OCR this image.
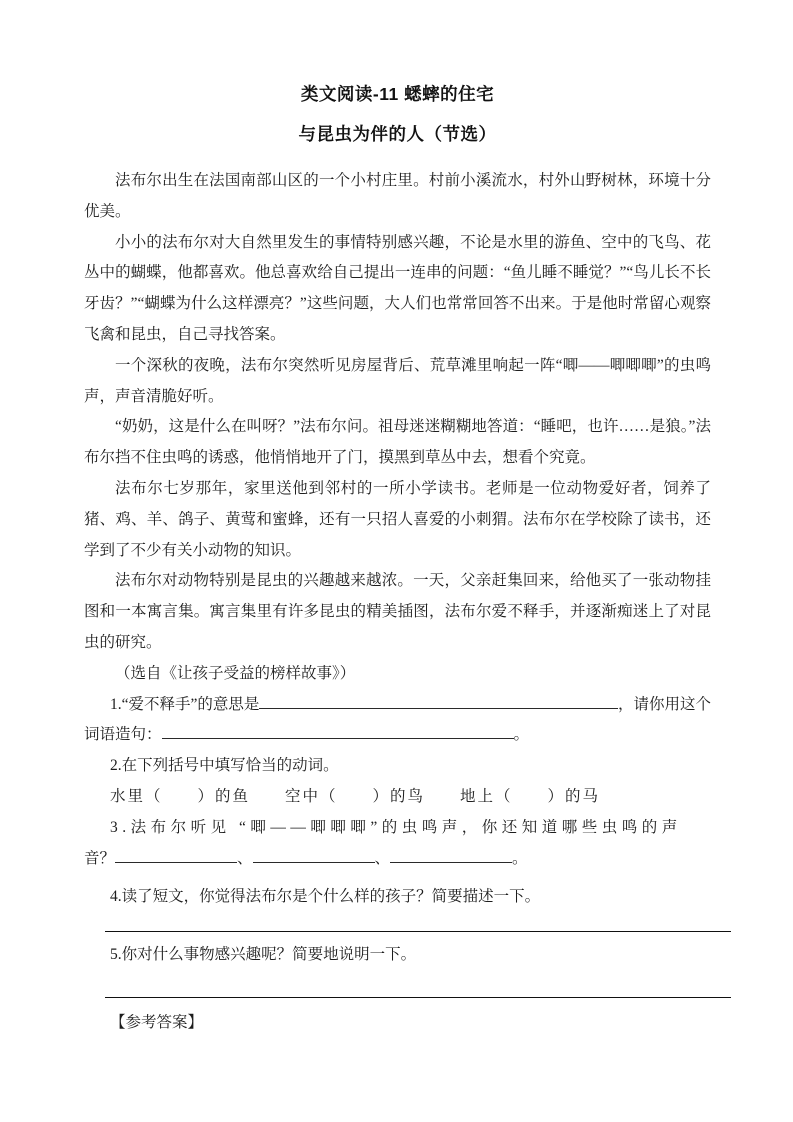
类文阅读-11 蟋蟀的住宅
与昆虫为伴的人（节选）

法布尔出生在法国南部山区的一个小村庄里。村前小溪流水，村外山野树林，环境十分优美。

小小的法布尔对大自然里发生的事情特别感兴趣，不论是水里的游鱼、空中的飞鸟、花丛中的蝴蝶，他都喜欢。他总喜欢给自己提出一连串的问题：“鱼儿睡不睡觉？”“鸟儿长不长牙齿？”“蝴蝶为什么这样漂亮？”这些问题，大人们也常常回答不出来。于是他时常留心观察飞禽和昆虫，自己寻找答案。

一个深秋的夜晚，法布尔突然听见房屋背后、荒草滩里响起一阵“唧——唧唧唧”的虫鸣声，声音清脆好听。

“奶奶，这是什么在叫呀？”法布尔问。祖母迷迷糊糊地答道：“睡吧，也许……是狼。”法布尔挡不住虫鸣的诱惑，他悄悄地开了门，摸黑到草丛中去，想看个究竟。

法布尔七岁那年，家里送他到邻村的一所小学读书。老师是一位动物爱好者，饲养了猪、鸡、羊、鸽子、黄莺和蜜蜂，还有一只招人喜爱的小刺猬。法布尔在学校除了读书，还学到了不少有关小动物的知识。

法布尔对动物特别是昆虫的兴趣越来越浓。一天，父亲赶集回来，给他买了一张动物挂图和一本寓言集。寓言集里有许多昆虫的精美插图，法布尔爱不释手，并逐渐痴迷上了对昆虫的研究。

（选自《让孩子受益的榜样故事》）

1.“爱不释手”的意思是	，请你用这个

词语造句：	。

2.在下列括号中填写恰当的动词。

水里（　　）的鱼　　空中（　　）的鸟　　地上（　　）的马

3.法布尔听见 “唧——唧唧唧”的虫鸣声，你还知道哪些虫鸣的声

音？	、	、	。

4.读了短文，你觉得法布尔是个什么样的孩子？简要描述一下。

5.你对什么事物感兴趣呢？简要地说明一下。

【参考答案】
